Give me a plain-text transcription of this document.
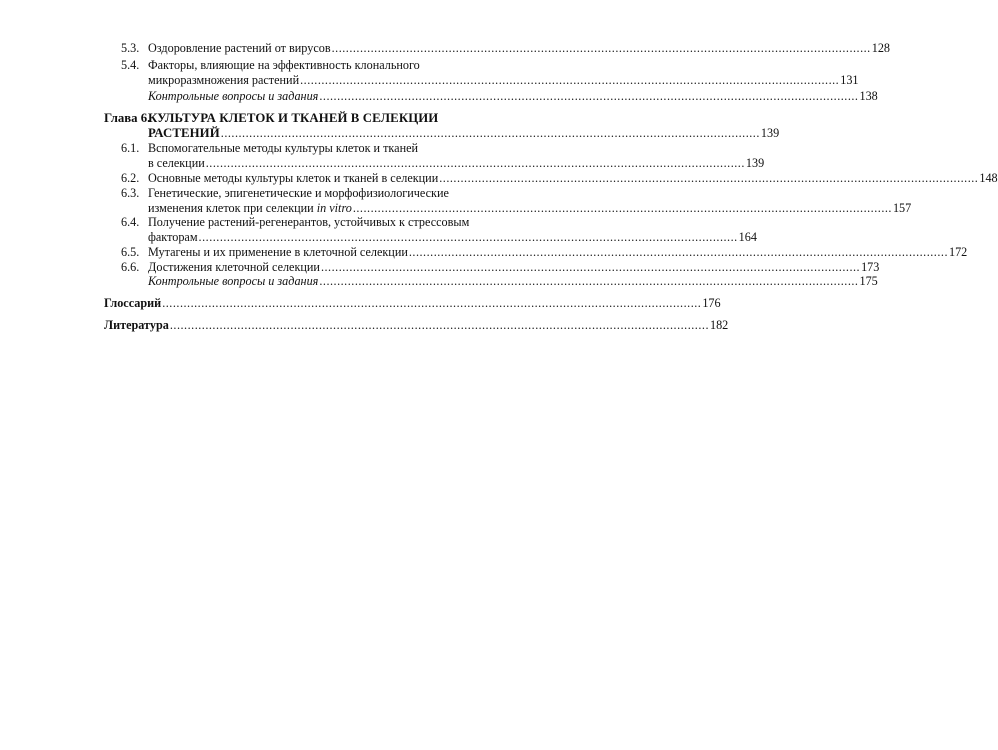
5.3. Оздоровление растений от вирусов ........................................................................................................................................................ 128
5.4. Факторы, влияющие на эффективность клонального
микроразмножения растений ........................................................................................................................................................ 131
Контрольные вопросы и задания ........................................................................................................................................................ 138
Глава 6.
КУЛЬТУРА КЛЕТОК И ТКАНЕЙ В СЕЛЕКЦИИ
РАСТЕНИЙ ........................................................................................................................................................ 139
6.1. Вспомогательные методы культуры клеток и тканей
в селекции ........................................................................................................................................................ 139
6.2. Основные методы культуры клеток и тканей в селекции ........................................................................................................................................................ 148
6.3. Генетические, эпигенетические и морфофизиологические
изменения клеток при селекции in vitro ........................................................................................................................................................ 157
6.4. Получение растений-регенерантов, устойчивых к стрессовым
факторам ........................................................................................................................................................ 164
6.5. Мутагены и их применение в клеточной селекции ........................................................................................................................................................ 172
6.6. Достижения клеточной селекции ........................................................................................................................................................ 173
Контрольные вопросы и задания ........................................................................................................................................................ 175
Глоссарий ........................................................................................................................................................ 176
Литература ........................................................................................................................................................ 182
